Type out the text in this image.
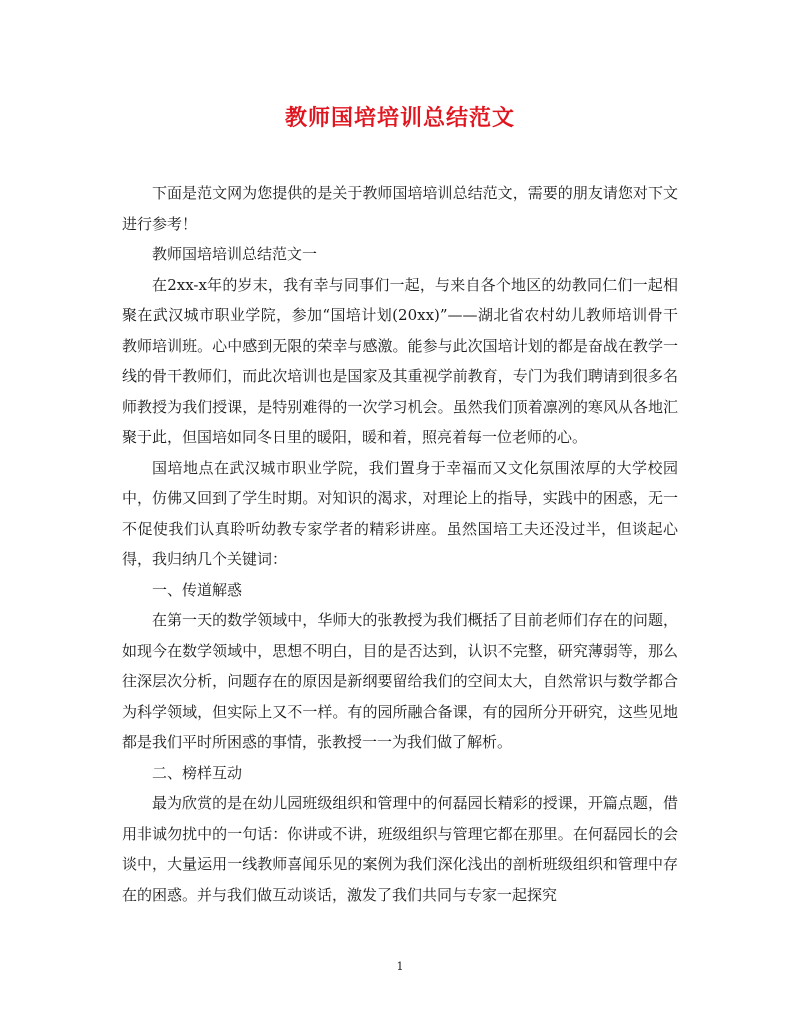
教师国培培训总结范文

下面是范文网为您提供的是关于教师国培培训总结范文，需要的朋友请您对下文进行参考！

教师国培培训总结范文一

在2xx-x年的岁末，我有幸与同事们一起，与来自各个地区的幼教同仁们一起相聚在武汉城市职业学院，参加“国培计划(20xx)”——湖北省农村幼儿教师培训骨干教师培训班。心中感到无限的荣幸与感激。能参与此次国培计划的都是奋战在教学一线的骨干教师们，而此次培训也是国家及其重视学前教育，专门为我们聘请到很多名师教授为我们授课，是特别难得的一次学习机会。虽然我们顶着凛冽的寒风从各地汇聚于此，但国培如同冬日里的暖阳，暖和着，照亮着每一位老师的心。

国培地点在武汉城市职业学院，我们置身于幸福而又文化氛围浓厚的大学校园中，仿佛又回到了学生时期。对知识的渴求，对理论上的指导，实践中的困惑，无一不促使我们认真聆听幼教专家学者的精彩讲座。虽然国培工夫还没过半，但谈起心得，我归纳几个关键词：

一、传道解惑

在第一天的数学领域中，华师大的张教授为我们概括了目前老师们存在的问题，如现今在数学领域中，思想不明白，目的是否达到，认识不完整，研究薄弱等，那么往深层次分析，问题存在的原因是新纲要留给我们的空间太大，自然常识与数学都合为科学领域，但实际上又不一样。有的园所融合备课，有的园所分开研究，这些见地都是我们平时所困惑的事情，张教授一一为我们做了解析。

二、榜样互动

最为欣赏的是在幼儿园班级组织和管理中的何磊园长精彩的授课，开篇点题，借用非诚勿扰中的一句话：你讲或不讲，班级组织与管理它都在那里。在何磊园长的会谈中，大量运用一线教师喜闻乐见的案例为我们深化浅出的剖析班级组织和管理中存在的困惑。并与我们做互动谈话，激发了我们共同与专家一起探究

1
